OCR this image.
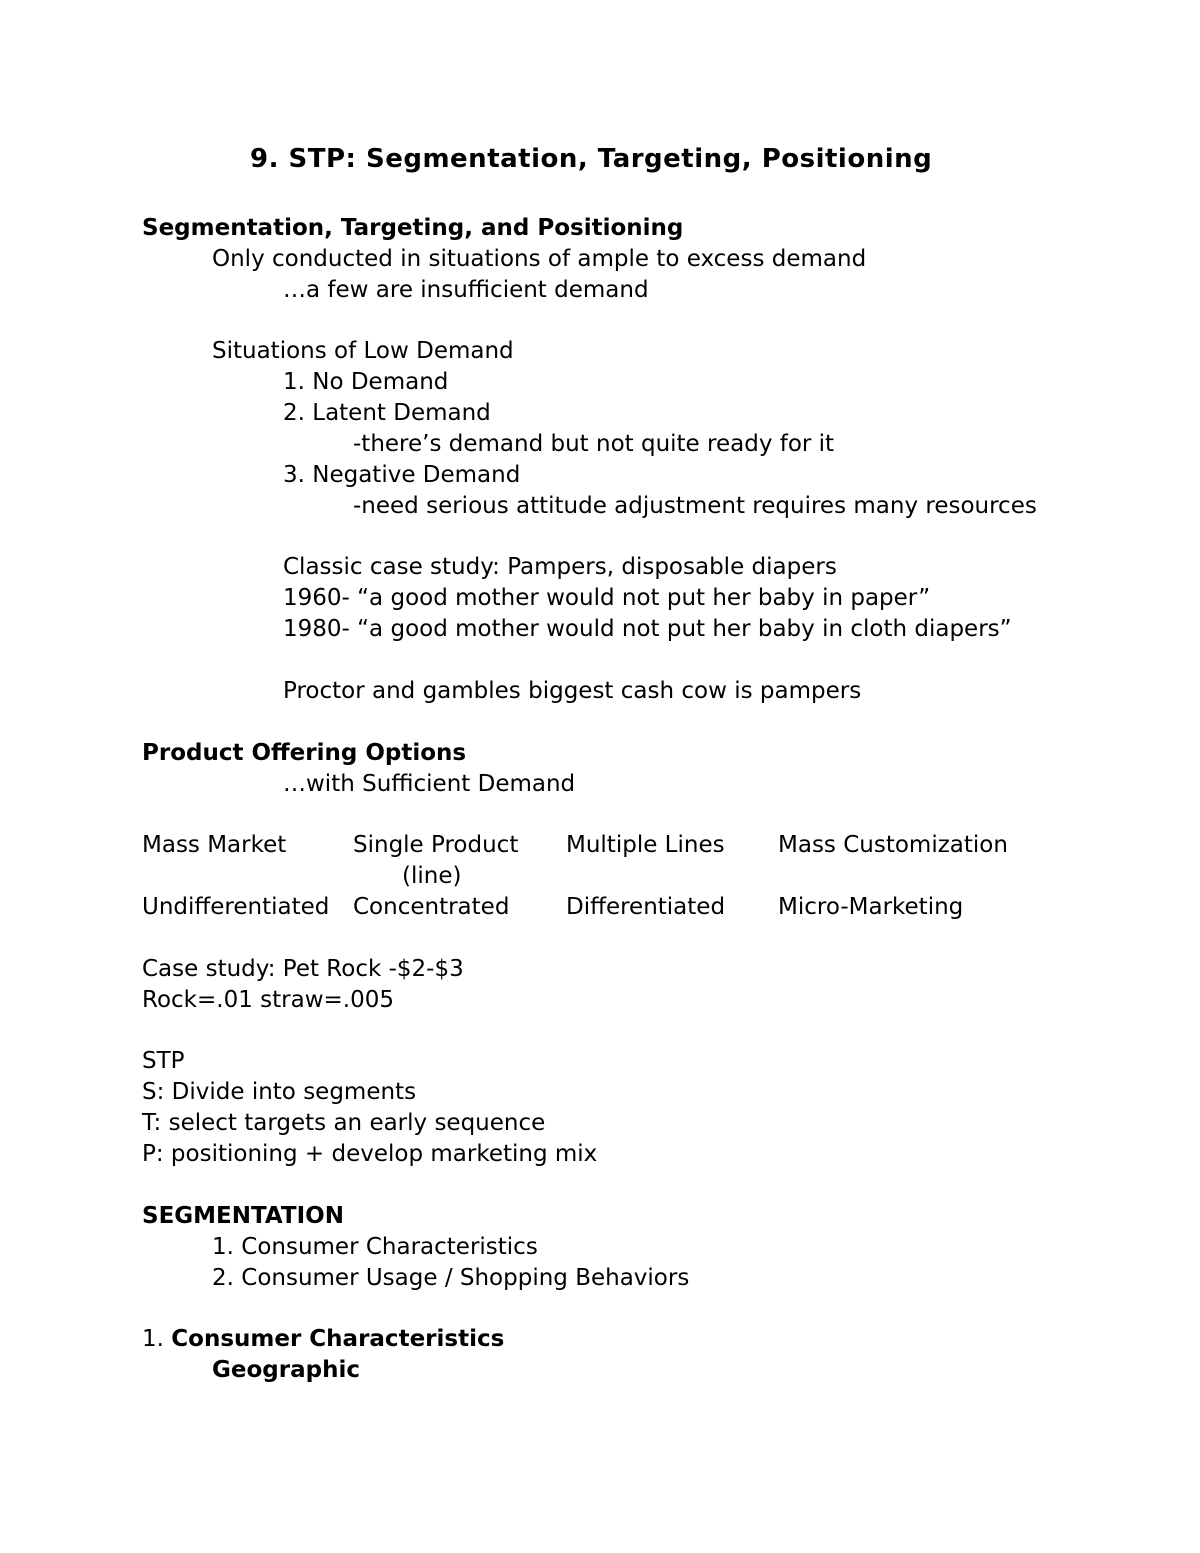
9. STP: Segmentation, Targeting, Positioning
Segmentation, Targeting, and Positioning
Only conducted in situations of ample to excess demand
…a few are insufficient demand
Situations of Low Demand
1. No Demand
2. Latent Demand
-there’s demand but not quite ready for it
3. Negative Demand
-need serious attitude adjustment requires many resources
Classic case study: Pampers, disposable diapers
1960- “a good mother would not put her baby in paper”
1980- “a good mother would not put her baby in cloth diapers”
Proctor and gambles biggest cash cow is pampers
Product Offering Options
…with Sufficient Demand
Mass Market	Single Product Multiple Lines Mass Customization
(line)
Undifferentiated Concentrated Differentiated Micro-Marketing
Case study: Pet Rock -$2-$3
Rock=.01 straw=.005
STP
S: Divide into segments
T: select targets an early sequence
P: positioning + develop marketing mix
SEGMENTATION
1. Consumer Characteristics
2. Consumer Usage / Shopping Behaviors
1. Consumer Characteristics
Geographic
